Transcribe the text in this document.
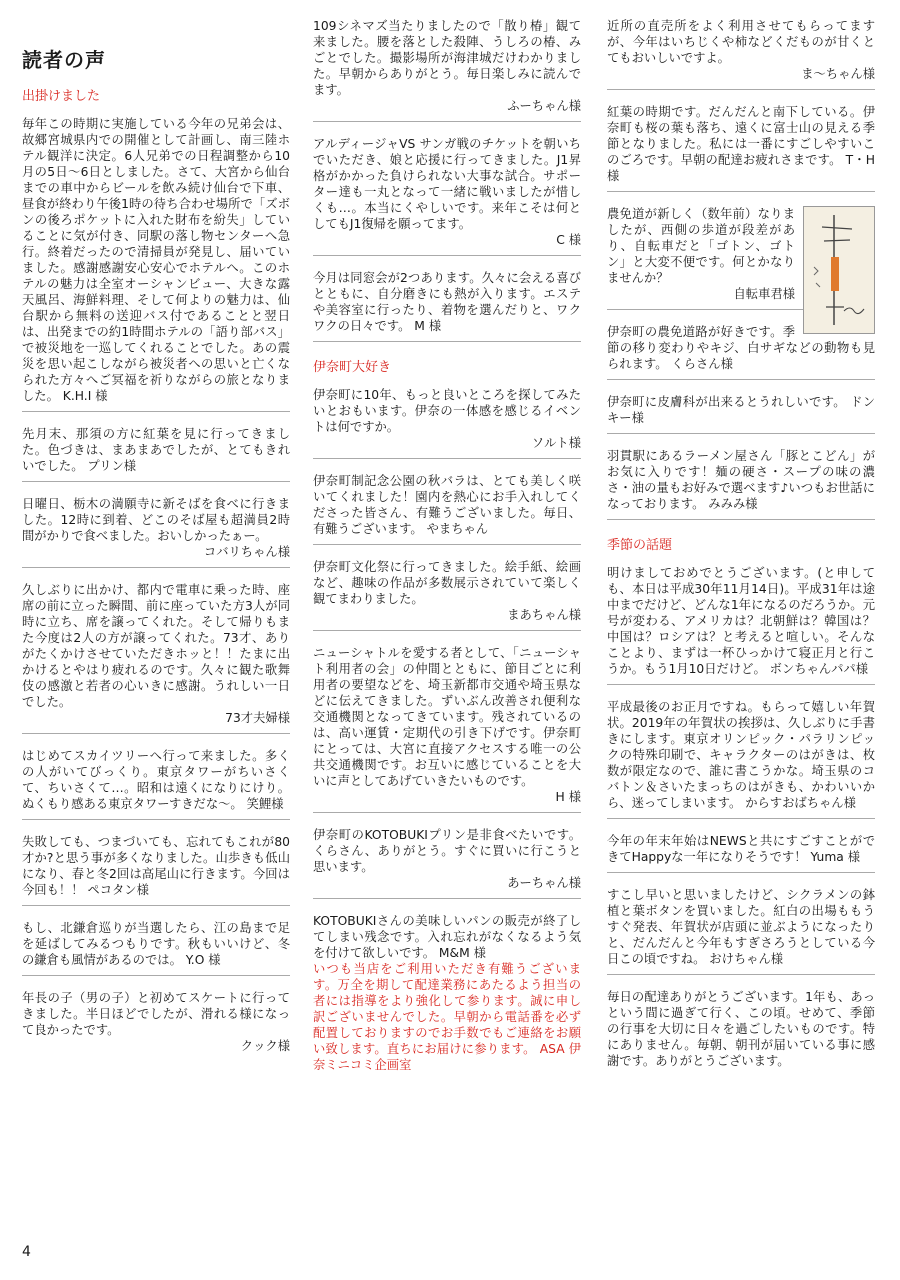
読者の声
出掛けました
毎年この時期に実施している今年の兄弟会は、故郷宮城県内での開催として計画し、南三陸ホテル観洋に決定。6人兄弟での日程調整から10月の5日～6日としました。さて、大宮から仙台までの車中からビールを飲み続け仙台で下車、昼食が終わり午後1時の待ち合わせ場所で「ズボンの後ろポケットに入れた財布を紛失」していることに気が付き、同駅の落し物センターへ急行。終着だったので清掃員が発見し、届いていました。感謝感謝安心安心でホテルへ。このホテルの魅力は全室オーシャンビュー、大きな露天風呂、海鮮料理、そして何よりの魅力は、仙台駅から無料の送迎バス付であることと翌日は、出発までの約1時間ホテルの「語り部バス」で被災地を一巡してくれることでした。あの震災を思い起こしながら被災者への思いと亡くなられた方々へご冥福を祈りながらの旅となりました。 K.H.I 様
先月末、那須の方に紅葉を見に行ってきました。色づきは、まあまあでしたが、とてもきれいでした。 プリン様
日曜日、栃木の満願寺に新そばを食べに行きました。12時に到着、どこのそば屋も超満員2時間がかりで食べました。おいしかったぁー。
コバリちゃん様
久しぶりに出かけ、都内で電車に乗った時、座席の前に立った瞬間、前に座っていた方3人が同時に立ち、席を譲ってくれた。そして帰りもまた今度は2人の方が譲ってくれた。73才、ありがたくかけさせていただきホッと！！たまに出かけるとやはり疲れるのです。久々に観た歌舞伎の感激と若者の心いきに感謝。うれしい一日でした。
73才夫婦様
はじめてスカイツリーへ行って来ました。多くの人がいてびっくり。東京タワーがちいさくて、ちいさくて…。昭和は遠くになりにけり。ぬくもり感ある東京タワーすきだな～。 笑鯉様
失敗しても、つまづいても、忘れてもこれが80才か?と思う事が多くなりました。山歩きも低山になり、春と冬2回は高尾山に行きます。今回は今回も！！ ペコタン様
もし、北鎌倉巡りが当選したら、江の島まで足を延ばしてみるつもりです。秋もいいけど、冬の鎌倉も風情があるのでは。 Y.O 様
年長の子（男の子）と初めてスケートに行ってきました。半日ほどでしたが、滑れる様になって良かったです。
クック様
109シネマズ当たりましたので「散り椿」観て来ました。腰を落とした殺陣、うしろの椿、みごとでした。撮影場所が海津城だけわかりました。早朝からありがとう。毎日楽しみに読んでます。
ふーちゃん様
アルディージャVS サンガ戦のチケットを朝いちでいただき、娘と応援に行ってきました。J1昇格がかかった負けられない大事な試合。サポーター達も一丸となって一緒に戦いましたが惜しくも…。本当にくやしいです。来年こそは何としてもJ1復帰を願ってます。
C 様
今月は同窓会が2つあります。久々に会える喜びとともに、自分磨きにも熱が入ります。エステや美容室に行ったり、着物を選んだりと、ワクワクの日々です。 M 様
伊奈町大好き
伊奈町に10年、もっと良いところを探してみたいとおもいます。伊奈の一体感を感じるイベントは何ですか。
ソルト様
伊奈町制記念公園の秋バラは、とても美しく咲いてくれました！園内を熱心にお手入れしてくださった皆さん、有難うございました。毎日、有難うございます。 やまちゃん
伊奈町文化祭に行ってきました。絵手紙、絵画など、趣味の作品が多数展示されていて楽しく観てまわりました。
まあちゃん様
ニューシャトルを愛する者として、「ニューシャト利用者の会」の仲間とともに、節目ごとに利用者の要望などを、埼玉新都市交通や埼玉県などに伝えてきました。ずいぶん改善され便利な交通機関となってきています。残されているのは、高い運賃・定期代の引き下げです。伊奈町にとっては、大宮に直接アクセスする唯一の公共交通機関です。お互いに感じていることを大いに声としてあげていきたいものです。
H 様
伊奈町のKOTOBUKIプリン是非食べたいです。くらさん、ありがとう。すぐに買いに行こうと思います。
あーちゃん様
KOTOBUKIさんの美味しいパンの販売が終了してしまい残念です。入れ忘れがなくなるよう気を付けて欲しいです。 M&M 様
いつも当店をご利用いただき有難うございます。万全を期して配達業務にあたるよう担当の者には指導をより強化して参ります。誠に申し訳ございませんでした。早朝から電話番を必ず配置しておりますのでお手数でもご連絡をお願い致します。直ちにお届けに参ります。 ASA 伊奈ミニコミ企画室
近所の直売所をよく利用させてもらってますが、今年はいちじくや柿などくだものが甘くとてもおいしいですよ。
ま～ちゃん様
紅葉の時期です。だんだんと南下している。伊奈町も桜の葉も落ち、遠くに富士山の見える季節となりました。私には一番にすごしやすいこのごろです。早朝の配達お疲れさまです。 T・H 様
農免道が新しく（数年前）なりましたが、西側の歩道が段差があり、自転車だと「ゴトン、ゴトン」と大変不便です。何とかなりませんか？
自転車君様
伊奈町の農免道路が好きです。季節の移り変わりやキジ、白サギなどの動物も見られます。 くらさん様
伊奈町に皮膚科が出来るとうれしいです。 ドンキー様
羽貫駅にあるラーメン屋さん「豚とこどん」がお気に入りです！麺の硬さ・スープの味の濃さ・油の量もお好みで選べます♪いつもお世話になっております。 みみみ様
季節の話題
明けましておめでとうございます。(と申しても、本日は平成30年11月14日)。平成31年は途中までだけど、どんな1年になるのだろうか。元号が変わる、アメリカは？北朝鮮は？韓国は？中国は？ロシアは？と考えると喧しい。そんなことより、まずは一杯ひっかけて寝正月と行こうか。もう1月10日だけど。 ボンちゃんパパ様
平成最後のお正月ですね。もらって嬉しい年賀状。2019年の年賀状の挨拶は、久しぶりに手書きにします。東京オリンピック・パラリンピックの特殊印刷で、キャラクターのはがきは、枚数が限定なので、誰に書こうかな。埼玉県のコバトン＆さいたまっちのはがきも、かわいいから、迷ってしまいます。 からすおばちゃん様
今年の年末年始はNEWSと共にすごすことができてHappyな一年になりそうです！ Yuma 様
すこし早いと思いましたけど、シクラメンの鉢植と葉ボタンを買いました。紅白の出場ももうすぐ発表、年賀状が店頭に並ぶようになったりと、だんだんと今年もすぎさろうとしている今日この頃ですね。 おけちゃん様
毎日の配達ありがとうございます。1年も、あっという間に過ぎて行く、この頃。せめて、季節の行事を大切に日々を過ごしたいものです。特にありません。毎朝、朝刊が届いている事に感謝です。ありがとうございます。
4
